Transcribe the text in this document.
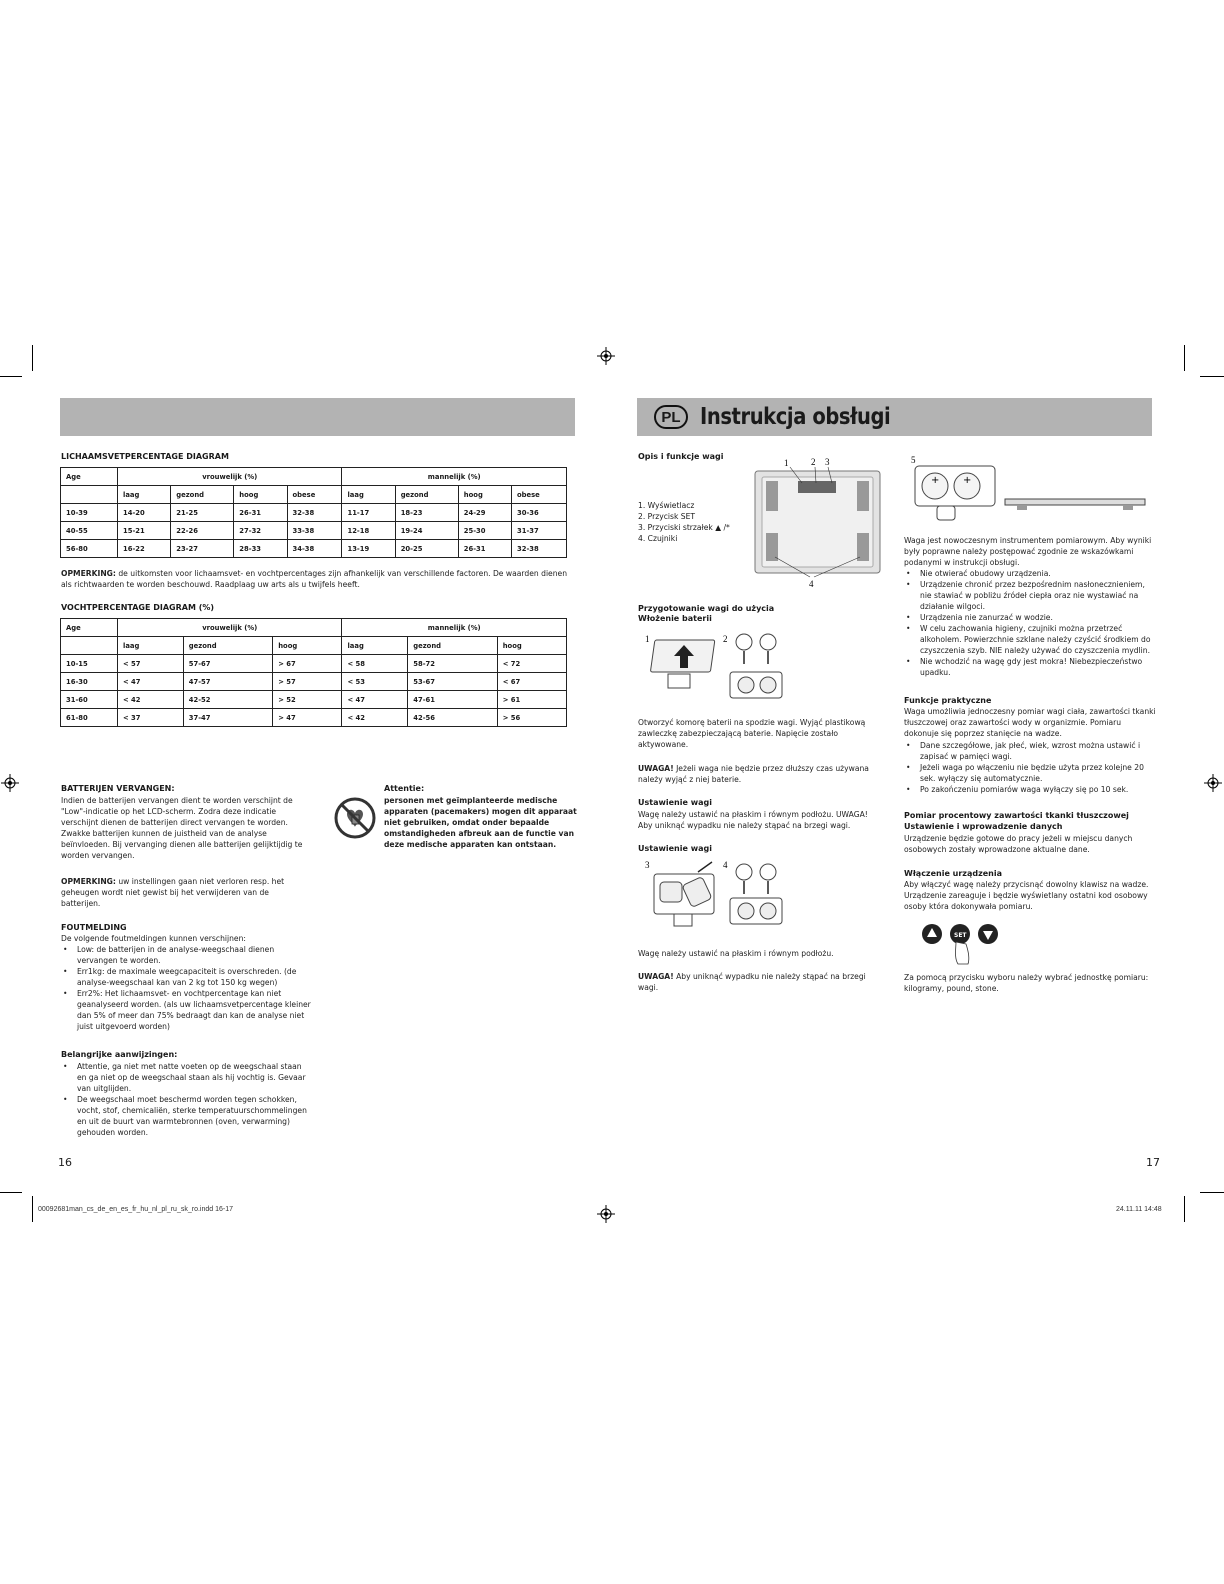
PL Instrukcja obsługi
LICHAAMSVETPERCENTAGE DIAGRAM
Age	vrouwelijk (%)				mannelijk (%)			
	laag	gezond	hoog	obese	laag	gezond	hoog	obese
10-39	14-20	21-25	26-31	32-38	11-17	18-23	24-29	30-36
40-55	15-21	22-26	27-32	33-38	12-18	19-24	25-30	31-37
56-80	16-22	23-27	28-33	34-38	13-19	20-25	26-31	32-38
OPMERKING: de uitkomsten voor lichaamsvet- en vochtpercentages zijn afhankelijk van verschillende factoren. De waarden dienen als richtwaarden te worden beschouwd. Raadplaag uw arts als u twijfels heeft.
VOCHTPERCENTAGE DIAGRAM (%)
Age	vrouwelijk (%)			mannelijk (%)		
	laag	gezond	hoog	laag	gezond	hoog
10-15	< 57	57-67	> 67	< 58	58-72	< 72
16-30	< 47	47-57	> 57	< 53	53-67	< 67
31-60	< 42	42-52	> 52	< 47	47-61	> 61
61-80	< 37	37-47	> 47	< 42	42-56	> 56
BATTERIJEN VERVANGEN:
Indien de batterijen vervangen dient te worden verschijnt de "Low"-indicatie op het LCD-scherm. Zodra deze indicatie verschijnt dienen de batterijen direct vervangen te worden. Zwakke batterijen kunnen de juistheid van de analyse beïnvloeden. Bij vervanging dienen alle batterijen gelijktijdig te worden vervangen.
OPMERKING: uw instellingen gaan niet verloren resp. het geheugen wordt niet gewist bij het verwijderen van de batterijen.
FOUTMELDING
De volgende foutmeldingen kunnen verschijnen:
• Low: de batterijen in de analyse-weegschaal dienen vervangen te worden.
• Err1kg: de maximale weegcapaciteit is overschreden. (de analyse-weegschaal kan van 2 kg tot 150 kg wegen)
• Err2%: Het lichaamsvet- en vochtpercentage kan niet geanalyseerd worden. (als uw lichaamsvetpercentage kleiner dan 5% of meer dan 75% bedraagt dan kan de analyse niet juist uitgevoerd worden)
Belangrijke aanwijzingen:
• Attentie, ga niet met natte voeten op de weegschaal staan en ga niet op de weegschaal staan als hij vochtig is. Gevaar van uitglijden.
• De weegschaal moet beschermd worden tegen schokken, vocht, stof, chemicaliën, sterke temperatuurschommelingen en uit de buurt van warmtebronnen (oven, verwarming) gehouden worden.
Attentie:
personen met geïmplanteerde medische apparaten (pacemakers) mogen dit apparaat niet gebruiken, omdat onder bepaalde omstandigheden afbreuk aan de functie van deze medische apparaten kan ontstaan.
16
Opis i funkcje wagi
1. Wyświetlacz
2. Przycisk SET
3. Przyciski strzałek ▲ /*
4. Czujniki
1	2 3
4
5
+ +
Waga jest nowoczesnym instrumentem pomiarowym. Aby wyniki były poprawne należy postępować zgodnie ze wskazówkami podanymi w instrukcji obsługi.
• Nie otwierać obudowy urządzenia.
• Urządzenie chronić przez bezpośrednim nasłonecznieniem, nie stawiać w pobliżu źródeł ciepła oraz nie wystawiać na działanie wilgoci.
• Urządzenia nie zanurzać w wodzie.
• W celu zachowania higieny, czujniki można przetrzeć alkoholem. Powierzchnie szklane należy czyścić środkiem do czyszczenia szyb. NIE należy używać do czyszczenia mydlin.
• Nie wchodzić na wagę gdy jest mokra! Niebezpieczeństwo upadku.
Funkcje praktyczne
Waga umożliwia jednoczesny pomiar wagi ciała, zawartości tkanki tłuszczowej oraz zawartości wody w organizmie. Pomiaru dokonuje się poprzez stanięcie na wadze.
• Dane szczegółowe, jak płeć, wiek, wzrost można ustawić i zapisać w pamięci wagi.
• Jeżeli waga po włączeniu nie będzie użyta przez kolejne 20 sek. wyłączy się automatycznie.
• Po zakończeniu pomiarów waga wyłączy się po 10 sek.
Pomiar procentowy zawartości tkanki tłuszczowej
Ustawienie i wprowadzenie danych
Urządzenie będzie gotowe do pracy jeżeli w miejscu danych osobowych zostały wprowadzone aktualne dane.
Włączenie urządzenia
Aby włączyć wagę należy przycisnąć dowolny klawisz na wadze. Urządzenie zareaguje i będzie wyświetlany ostatni kod osobowy osoby która dokonywała pomiaru.
SET
Za pomocą przycisku wyboru należy wybrać jednostkę pomiaru: kilogramy, pound, stone.
Przygotowanie wagi do użycia
Włożenie baterii
1	2
Otworzyć komorę baterii na spodzie wagi. Wyjąć plastikową zawleczkę zabezpieczającą baterie. Napięcie zostało aktywowane.
UWAGA! Jeżeli waga nie będzie przez dłuższy czas używana należy wyjąć z niej baterie.
Ustawienie wagi
Wagę należy ustawić na płaskim i równym podłożu. UWAGA! Aby uniknąć wypadku nie należy stąpać na brzegi wagi.
Ustawienie wagi
3	4
Wagę należy ustawić na płaskim i równym podłożu.
UWAGA! Aby uniknąć wypadku nie należy stąpać na brzegi wagi.
17
00092681man_cs_de_en_es_fr_hu_nl_pl_ru_sk_ro.indd 16-17	24.11.11 14:48
